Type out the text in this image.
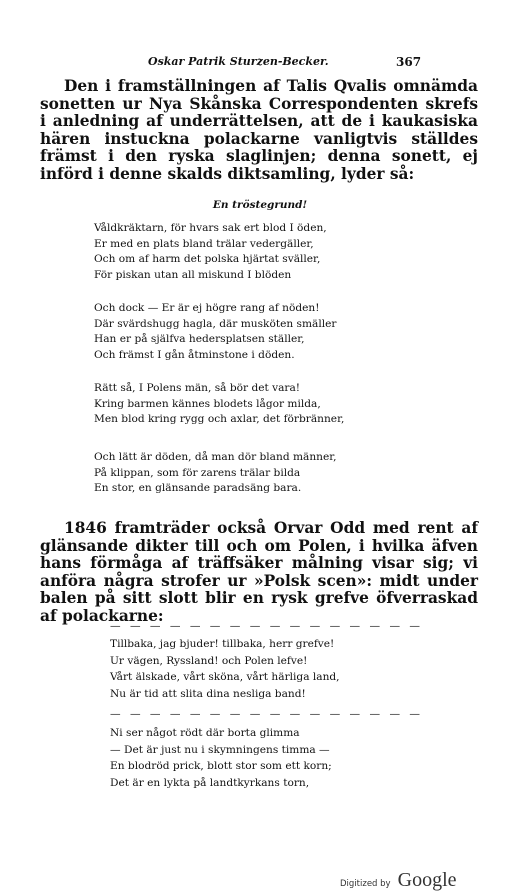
Oskar Patrik Sturzen-Becker.	367

Den i framställningen af Talis Qvalis omnämda sonetten ur Nya Skånska Correspondenten skrefs i anledning af underrättelsen, att de i kaukasiska hären instuckna polackarne vanligtvis ställdes främst i den ryska slaglinjen; denna sonett, ej införd i denne skalds diktsamling, lyder så:

En tröstegrund!
Våldkräktarn, för hvars sak ert blod I öden,
Er med en plats bland trälar vedergäller,
Och om af harm det polska hjärtat sväller,
För piskan utan all miskund I blöden
Och dock — Er är ej högre rang af nöden!
Där svärdshugg hagla, där musköten smäller
Han er på själfva hedersplatsen ställer,
Och främst I gån åtminstone i döden.
Rätt så, I Polens män, så bör det vara!
Kring barmen kännes blodets lågor milda,
Men blod kring rygg och axlar, det förbränner,
Och lätt är döden, då man dör bland männer,
På klippan, som för zarens trälar bilda
En stor, en glänsande paradsäng bara.

1846 framträder också Orvar Odd med rent af glänsande dikter till och om Polen, i hvilka äfven hans förmåga af träffsäker målning visar sig; vi anföra några strofer ur »Polsk scen»: midt under balen på sitt slott blir en rysk grefve öfverraskad af polackarne:

— — — — — — — — — — — — — — — —
Tillbaka, jag bjuder! tillbaka, herr grefve!
Ur vägen, Ryssland! och Polen lefve!
Vårt älskade, vårt sköna, vårt härliga land,
Nu är tid att slita dina nesliga band!
— — — — — — — — — — — — — — — —
Ni ser något rödt där borta glimma
— Det är just nu i skymningens timma —
En blodröd prick, blott stor som ett korn;
Det är en lykta på landtkyrkans torn,
Digitized by Google
